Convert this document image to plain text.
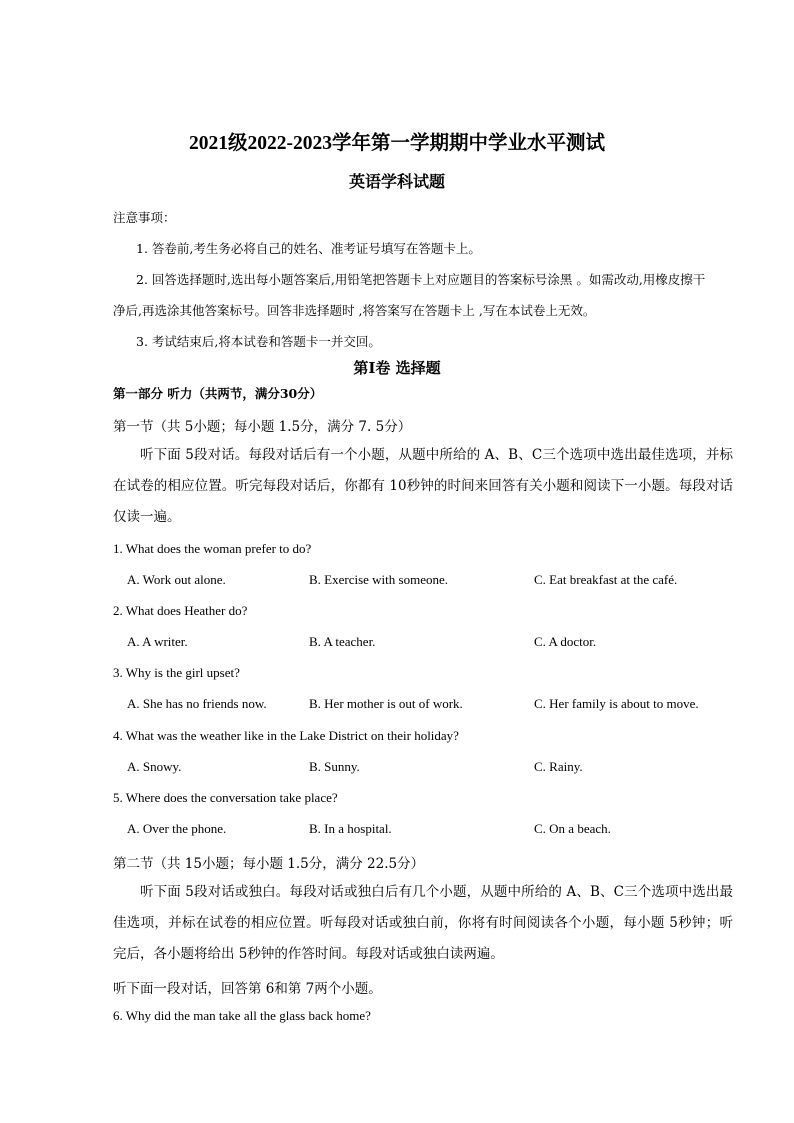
2021级2022-2023学年第一学期期中学业水平测试
英语学科试题
注意事项：
1. 答卷前,考生务必将自己的姓名、准考证号填写在答题卡上。
2. 回答选择题时,选出每小题答案后,用铅笔把答题卡上对应题目的答案标号涂黑 。如需改动,用橡皮擦干
净后,再选涂其他答案标号。回答非选择题时 ,将答案写在答题卡上 ,写在本试卷上无效。
3. 考试结束后,将本试卷和答题卡一并交回。
第Ⅰ卷 选择题
第一部分 听力（共两节，满分30分）
第一节（共 5小题；每小题 1.5分，满分 7. 5分）
听下面 5段对话。每段对话后有一个小题，从题中所给的 A、B、C三个选项中选出最佳选项，并标在试卷的相应位置。听完每段对话后，你都有 10秒钟的时间来回答有关小题和阅读下一小题。每段对话仅读一遍。
1. What does the woman prefer to do?
A. Work out alone.	B. Exercise with someone.	C. Eat breakfast at the café.
2. What does Heather do?
A. A writer.	B. A teacher.	C. A doctor.
3. Why is the girl upset?
A. She has no friends now.	B. Her mother is out of work.	C. Her family is about to move.
4. What was the weather like in the Lake District on their holiday?
A. Snowy.	B. Sunny.	C. Rainy.
5. Where does the conversation take place?
A. Over the phone.	B. In a hospital.	C. On a beach.
第二节（共 15小题；每小题 1.5分，满分 22.5分）
听下面 5段对话或独白。每段对话或独白后有几个小题，从题中所给的 A、B、C三个选项中选出最佳选项，并标在试卷的相应位置。听每段对话或独白前，你将有时间阅读各个小题，每小题 5秒钟；听完后，各小题将给出 5秒钟的作答时间。每段对话或独白读两遍。
听下面一段对话，回答第 6和第 7两个小题。
6. Why did the man take all the glass back home?
